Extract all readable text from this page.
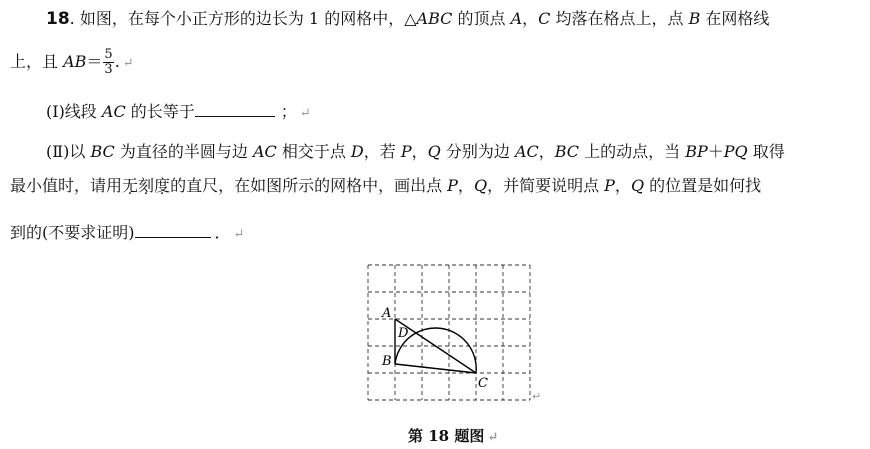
18. 如图，在每个小正方形的边长为 1 的网格中，△ABC 的顶点 A，C 均落在格点上，点 B 在网格线
上，且 $AB= \frac{5}{3}$ . ↵
(Ⅰ)线段 AC 的长等于	； ↵
(Ⅱ)以 BC 为直径的半圆与边 AC 相交于点 D，若 P，Q 分别为边 AC，BC 上的动点，当 BP＋PQ 取得
最小值时，请用无刻度的直尺，在如图所示的网格中，画出点 P，Q，并简要说明点 P，Q 的位置是如何找
到的(不要求证明)	． ↵
A
D
B
C
↵
第 18 题图 ↵
